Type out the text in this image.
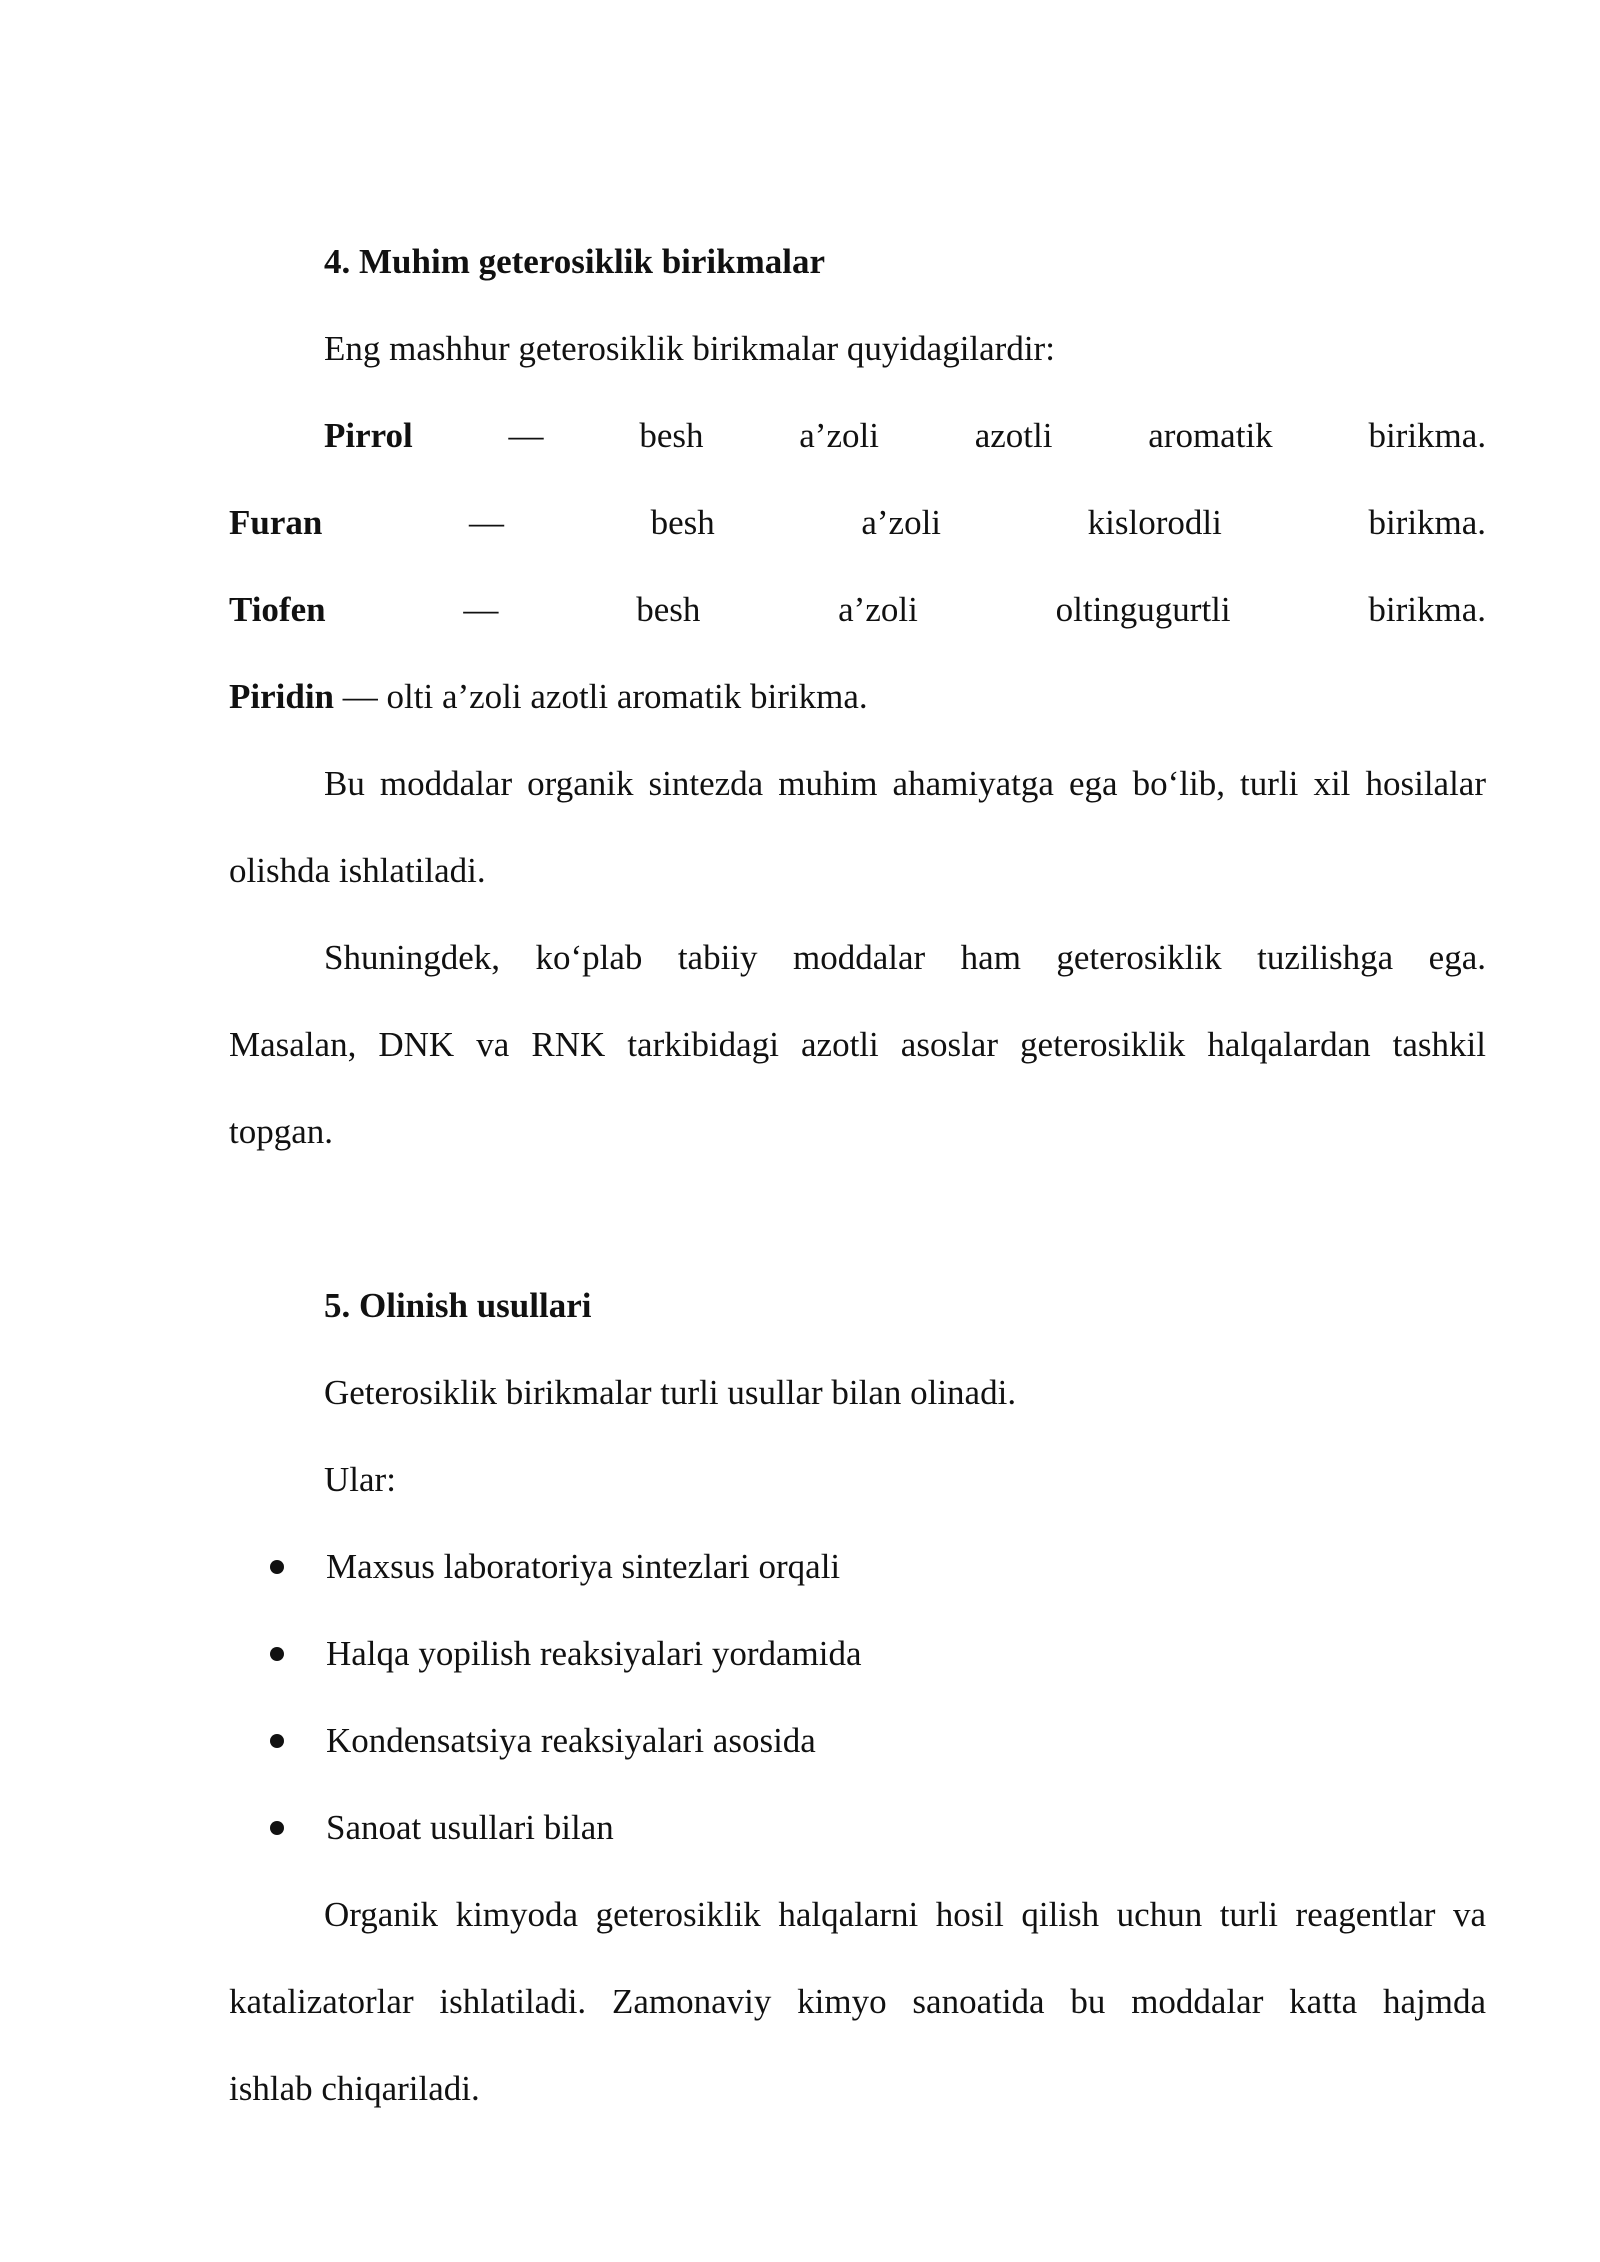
4. Muhim geterosiklik birikmalar
Eng mashhur geterosiklik birikmalar quyidagilardir:
Pirrol	—	besh	a’zoli	azotli	aromatik	birikma.
Furan	—	besh	a’zoli	kislorodli	birikma.
Tiofen	—	besh	a’zoli	oltingugurtli	birikma.
Piridin — olti a’zoli azotli aromatik birikma.
Bu moddalar organik sintezda muhim ahamiyatga ega bo‘lib, turli xil hosilalar
olishda ishlatiladi.
Shuningdek, ko‘plab tabiiy moddalar ham geterosiklik tuzilishga ega.
Masalan, DNK va RNK tarkibidagi azotli asoslar geterosiklik halqalardan tashkil
topgan.
5. Olinish usullari
Geterosiklik birikmalar turli usullar bilan olinadi.
Ular:
Maxsus laboratoriya sintezlari orqali
Halqa yopilish reaksiyalari yordamida
Kondensatsiya reaksiyalari asosida
Sanoat usullari bilan
Organik kimyoda geterosiklik halqalarni hosil qilish uchun turli reagentlar va
katalizatorlar ishlatiladi. Zamonaviy kimyo sanoatida bu moddalar katta hajmda
ishlab chiqariladi.
